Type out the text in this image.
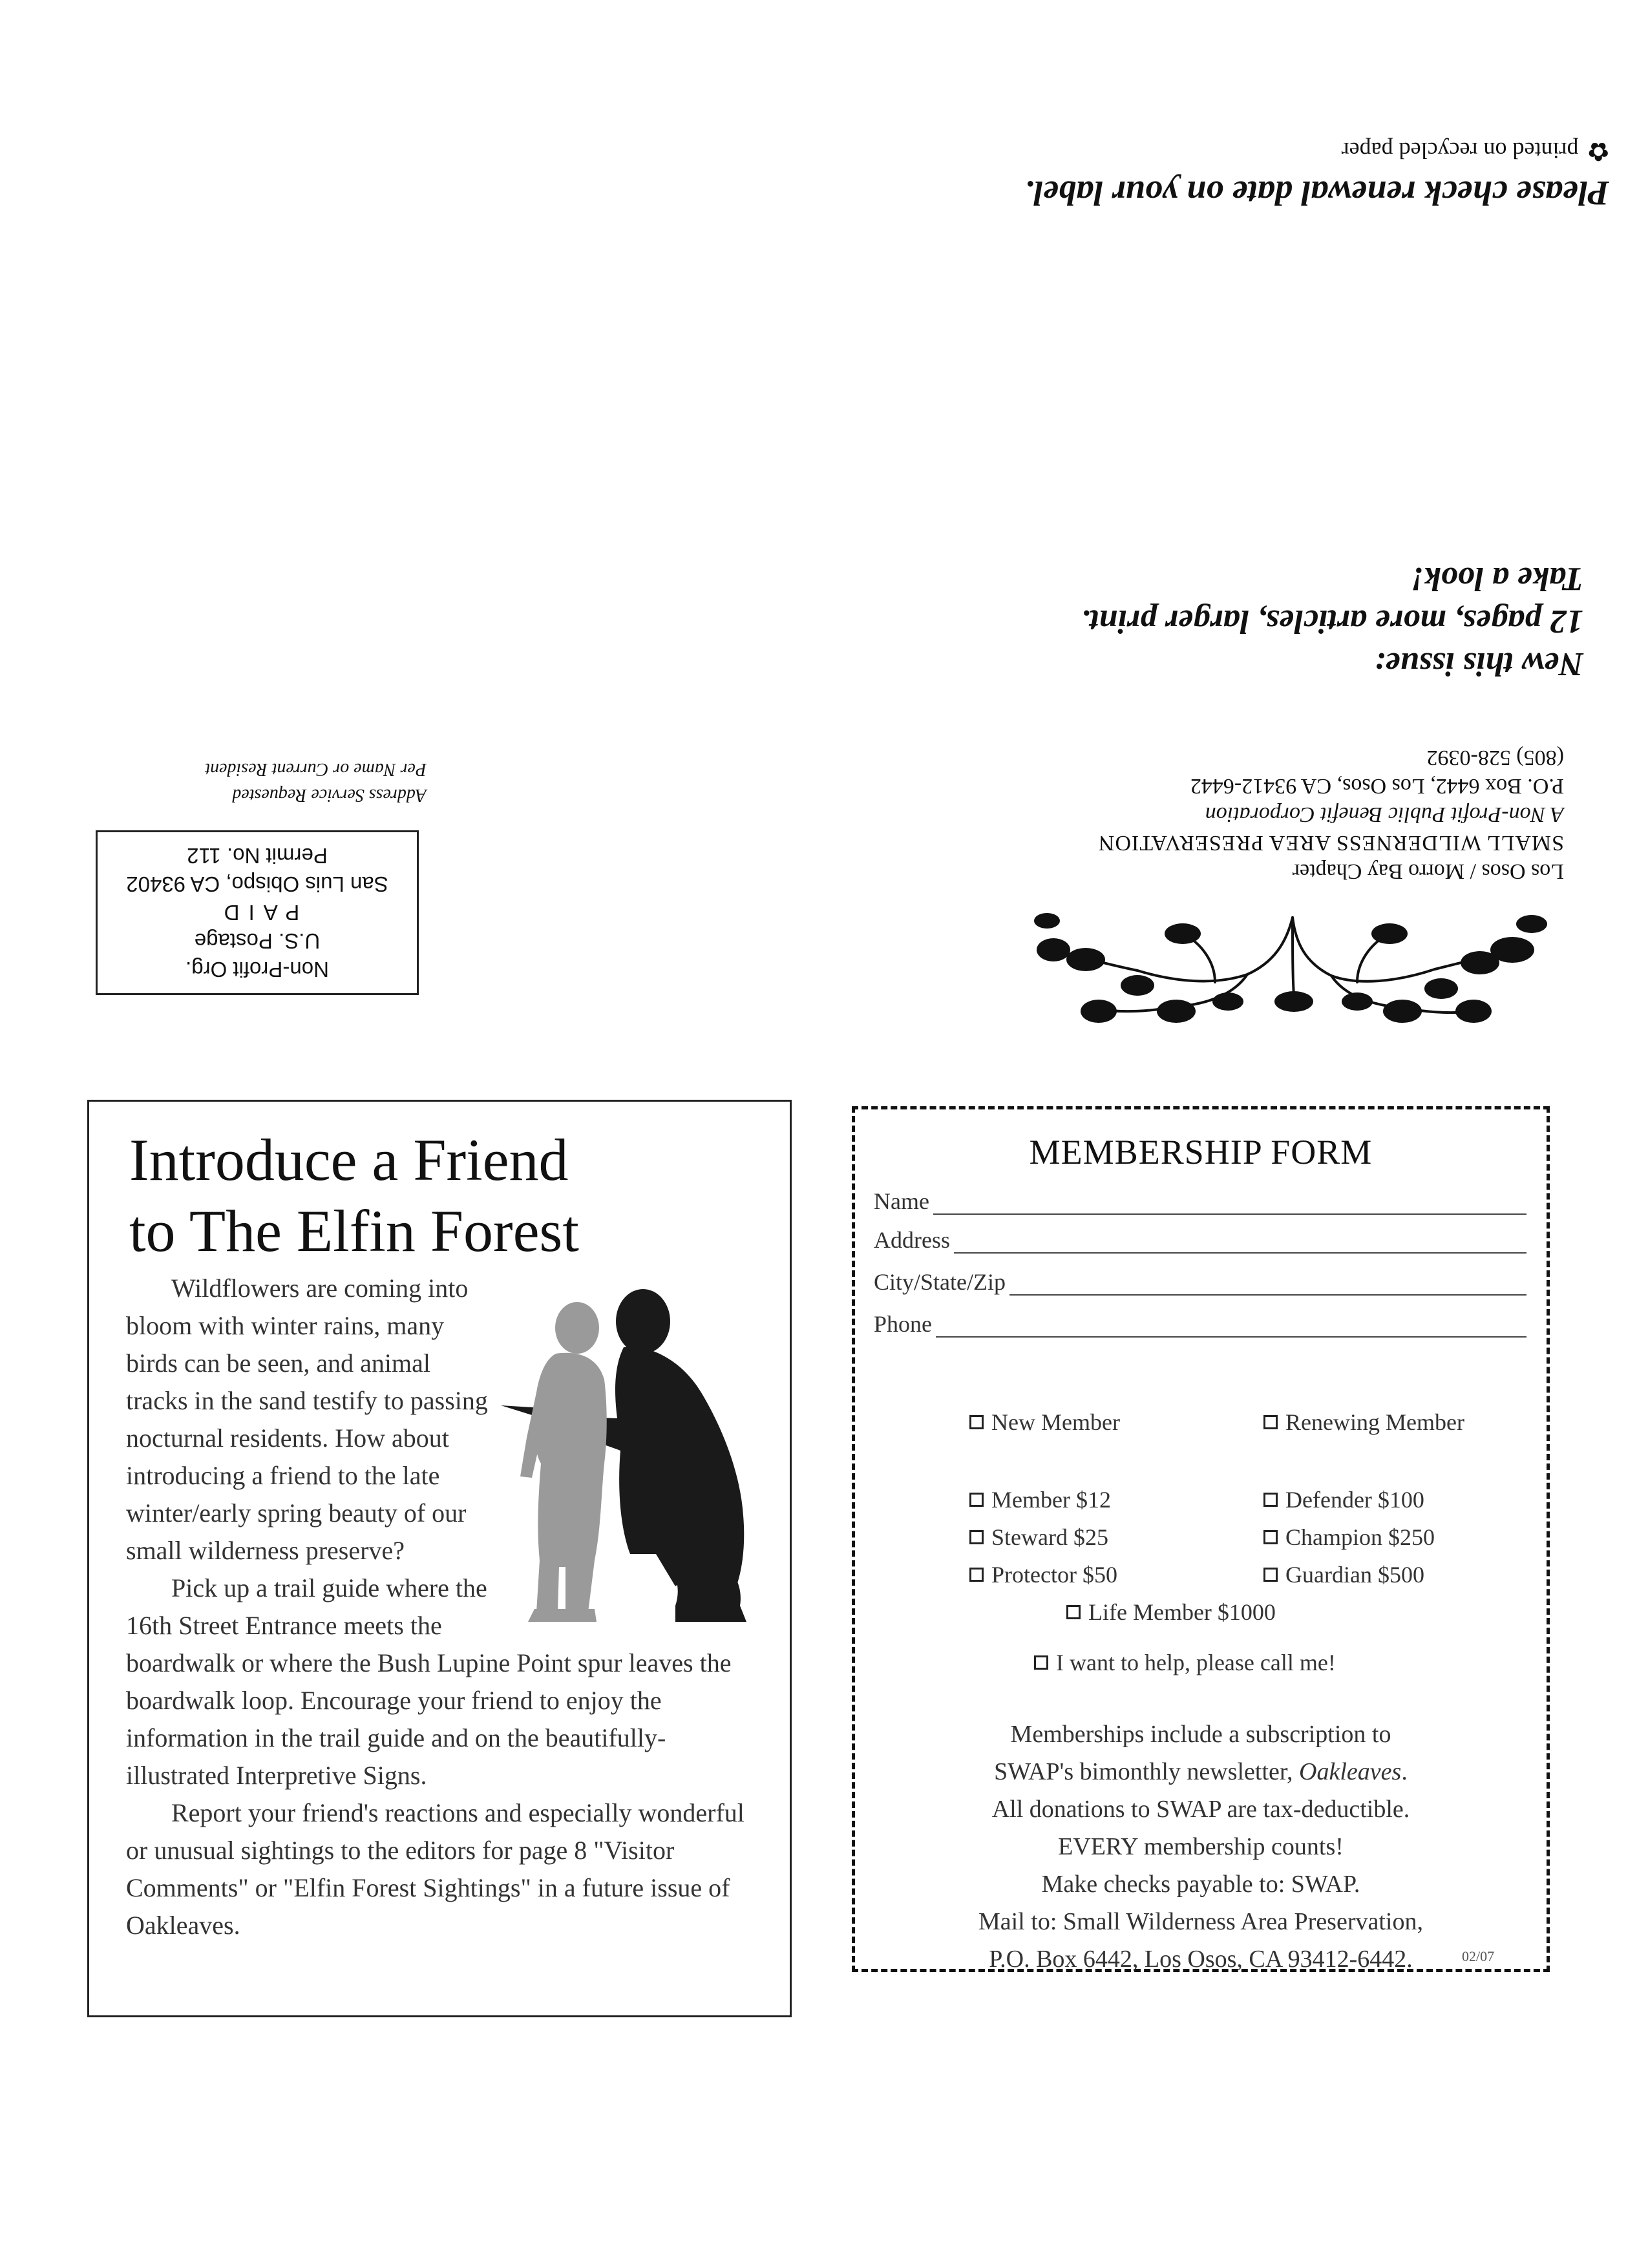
Please check renewal date on your label.
✿printed on recycled paper
New this issue:
12 pages, more articles, larger print.
Take a look!
Los Osos / Morro Bay Chapter
SMALL WILDERNESS AREA PRESERVATION
A Non-Profit Public Benefit Corporation
P.O. Box 6442, Los Osos, CA 93412-6442
(805) 528-0392
Non-Profit Org.
U.S. Postage
PAID
San Luis Obispo, CA 93402
Permit No. 112
Address Service Requested
Per Name or Current Resident
Introduce a Friend
to The Elfin Forest

Wildflowers are coming into bloom with winter rains, many birds can be seen, and animal tracks in the sand testify to passing nocturnal residents. How about introducing a friend to the late winter/early spring beauty of our small wilderness preserve?

Pick up a trail guide where the 16th Street Entrance meets the boardwalk or where the Bush Lupine Point spur leaves the boardwalk loop. Encourage your friend to enjoy the information in the trail guide and on the beautifully-illustrated Interpretive Signs.

Report your friend's reactions and especially wonderful or unusual sightings to the editors for page 8 "Visitor Comments" or "Elfin Forest Sightings" in a future issue of Oakleaves.

MEMBERSHIP FORM
Name
Address
City/State/Zip
Phone
New Member	Renewing Member
Member $12	Defender $100
Steward $25	Champion $250
Protector $50	Guardian $500
Life Member $1000
I want to help, please call me!
Memberships include a subscription to
SWAP's bimonthly newsletter, Oakleaves.
All donations to SWAP are tax-deductible.
EVERY membership counts!
Make checks payable to: SWAP.
Mail to: Small Wilderness Area Preservation,
P.O. Box 6442, Los Osos, CA 93412-6442.	02/07
